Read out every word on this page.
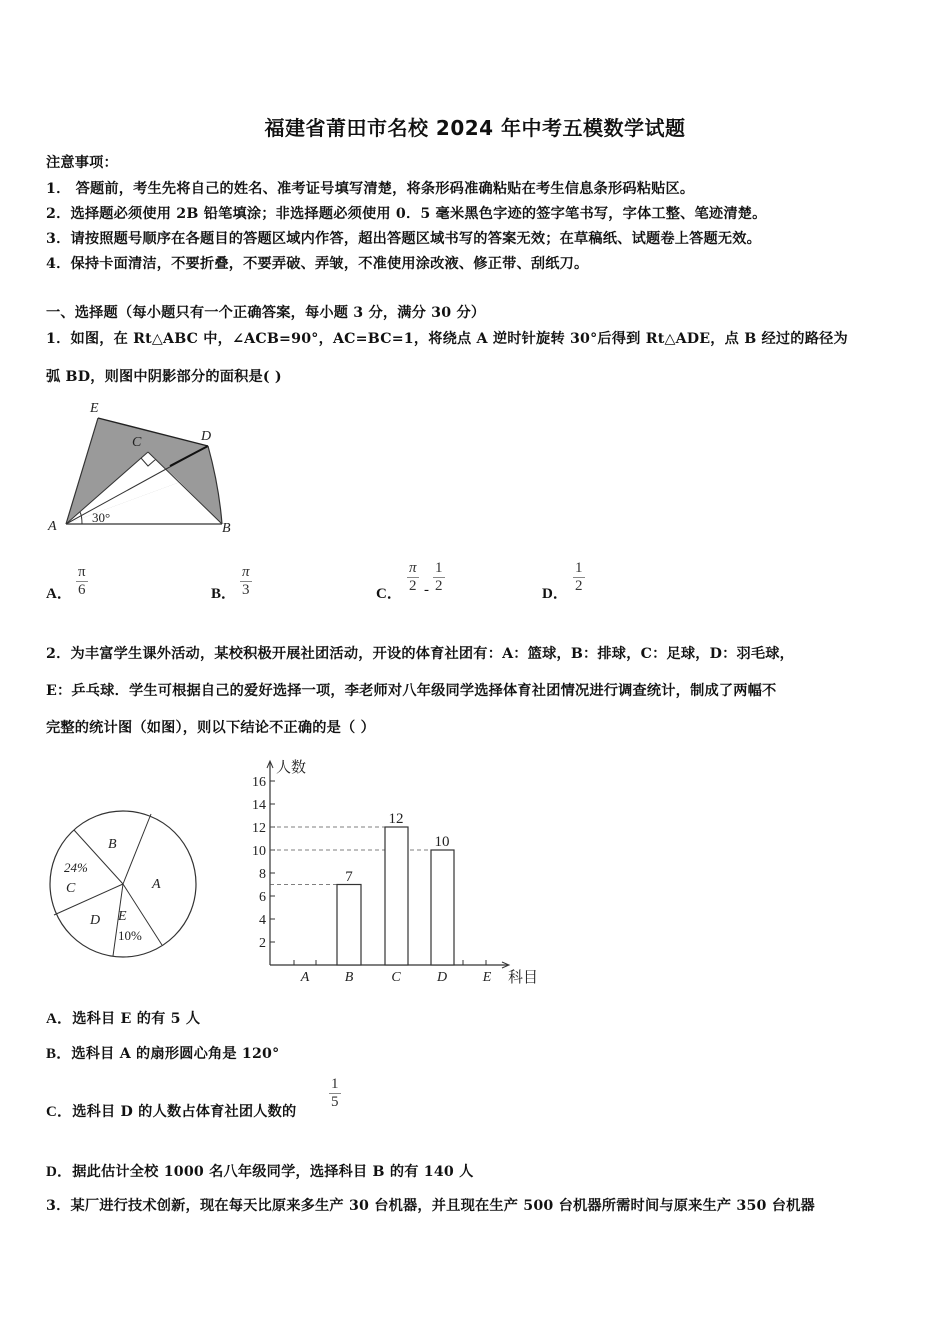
福建省莆田市名校 2024 年中考五模数学试题
注意事项：
1． 答题前，考生先将自己的姓名、准考证号填写清楚，将条形码准确粘贴在考生信息条形码粘贴区。
2．选择题必须使用 2B 铅笔填涂；非选择题必须使用 0．5 毫米黑色字迹的签字笔书写，字体工整、笔迹清楚。
3．请按照题号顺序在各题目的答题区域内作答，超出答题区域书写的答案无效；在草稿纸、试题卷上答题无效。
4．保持卡面清洁，不要折叠，不要弄破、弄皱，不准使用涂改液、修正带、刮纸刀。
一、选择题（每小题只有一个正确答案，每小题 3 分，满分 30 分）
1．如图，在 Rt△ABC 中，∠ACB=90°，AC=BC=1，将绕点 A 逆时针旋转 30°后得到 Rt△ADE，点 B 经过的路径为
弧 BD，则图中阴影部分的面积是( )
30°
A	B
C	D
E
A．
π
6	B．
π
3	C．
π
2 -
1
2	D．
1
2
2．为丰富学生课外活动，某校积极开展社团活动，开设的体育社团有：A：篮球，B：排球，C：足球，D：羽毛球，
E：乒乓球．学生可根据自己的爱好选择一项，李老师对八年级同学选择体育社团情况进行调查统计，制成了两幅不
完整的统计图（如图），则以下结论不正确的是（ ）
B
A
24%
C
D E
10%
人数
科目
2
4
6
8
10
12
14
16
7
12
10
A	B	C	D	E
A．选科目 E 的有 5 人
B．选科目 A 的扇形圆心角是 120°
C．选科目 D 的人数占体育社团人数的
1
5
D．据此估计全校 1000 名八年级同学，选择科目 B 的有 140 人
3．某厂进行技术创新，现在每天比原来多生产 30 台机器，并且现在生产 500 台机器所需时间与原来生产 350 台机器
